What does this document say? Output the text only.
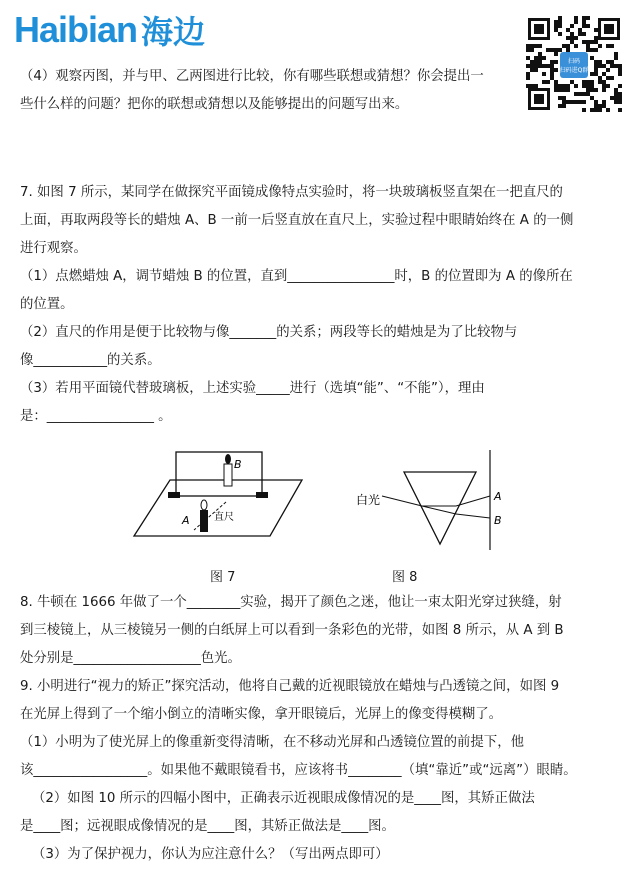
Haibian 海边
扫码
扫码进Q群
（4）观察丙图，并与甲、乙两图进行比较，你有哪些联想或猜想？你会提出一
些什么样的问题？把你的联想或猜想以及能够提出的问题写出来。
7. 如图 7 所示，某同学在做探究平面镜成像特点实验时，将一块玻璃板竖直架在一把直尺的
上面，再取两段等长的蜡烛 A、B 一前一后竖直放在直尺上，实验过程中眼睛始终在 A 的一侧
进行观察。
（1）点燃蜡烛 A，调节蜡烛 B 的位置，直到________________时，B 的位置即为 A 的像所在
的位置。
（2）直尺的作用是便于比较物与像_______的关系；两段等长的蜡烛是为了比较物与
像___________的关系。
（3）若用平面镜代替玻璃板，上述实验_____进行（选填“能”、“不能”），理由
是：________________ 。
B
A 直尺
图 7
白光	A
B
图 8
8. 牛顿在 1666 年做了一个________实验，揭开了颜色之迷，他让一束太阳光穿过狭缝，射
到三棱镜上，从三棱镜另一侧的白纸屏上可以看到一条彩色的光带，如图 8 所示，从 A 到 B
处分别是___________________色光。
9. 小明进行“视力的矫正”探究活动，他将自己戴的近视眼镜放在蜡烛与凸透镜之间，如图 9
在光屏上得到了一个缩小倒立的清晰实像，拿开眼镜后，光屏上的像变得模糊了。
（1）小明为了使光屏上的像重新变得清晰，在不移动光屏和凸透镜位置的前提下，他
该_________________。如果他不戴眼镜看书，应该将书________（填“靠近”或“远离”）眼睛。
（2）如图 10 所示的四幅小图中，正确表示近视眼成像情况的是____图，其矫正做法
是____图；远视眼成像情况的是____图，其矫正做法是____图。
（3）为了保护视力，你认为应注意什么？（写出两点即可）
